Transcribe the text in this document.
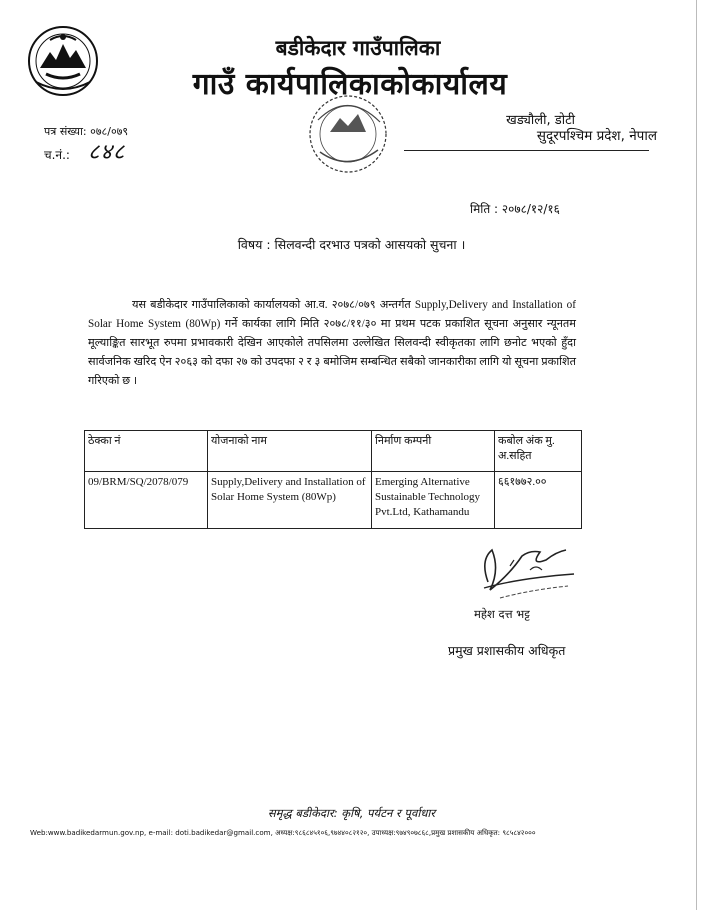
बडीकेदार गाउँपालिका
गाउँ कार्यपालिकाकोकार्यालय
खड्यौली, डोटी
सुदूरपश्चिम प्रदेश, नेपाल
पत्र संख्या: ०७८/०७९
च.नं.: ८४८
मिति : २०७८/१२/१६
विषय : सिलवन्दी दरभाउ पत्रको आसयको सुचना ।

यस बडीकेदार गाउँपालिकाको कार्यालयको आ.व. २०७८/०७९ अन्तर्गत Supply,Delivery and Installation of Solar Home System (80Wp) गर्ने कार्यका लागि मिति २०७८/११/३० मा प्रथम पटक प्रकाशित सूचना अनुसार न्यूनतम मूल्याङ्कित सारभूत रुपमा प्रभावकारी देखिन आएकोले तपसिलमा उल्लेखित सिलवन्दी स्वीकृतका लागि छनोट भएको हुँदा सार्वजनिक खरिद ऐन २०६३ को दफा २७ को उपदफा २ र ३ बमोजिम सम्बन्धित सबैको जानकारीका लागि यो सूचना प्रकाशित गरिएको छ ।

ठेक्का नं	योजनाको नाम	निर्माण कम्पनी	कबोल अंक मु. अ.सहित
09/BRM/SQ/2078/079	Supply,Delivery and Installation of Solar Home System (80Wp)	Emerging Alternative Sustainable Technology Pvt.Ltd, Kathamandu	६६१७७२.००
महेश दत्त भट्ट
प्रमुख प्रशासकीय अधिकृत
समृद्ध बडीकेदार: कृषि, पर्यटन र पूर्वाधार
Web:www.badikedarmun.gov.np, e-mail: doti.badikedar@gmail.com, अध्यक्ष:९८६८४५१०६,९७४४०८२१२०, उपाध्यक्ष:९७४९०७८६८,प्रमुख प्रशासकीय अधिकृत: ९८५८४२०००
